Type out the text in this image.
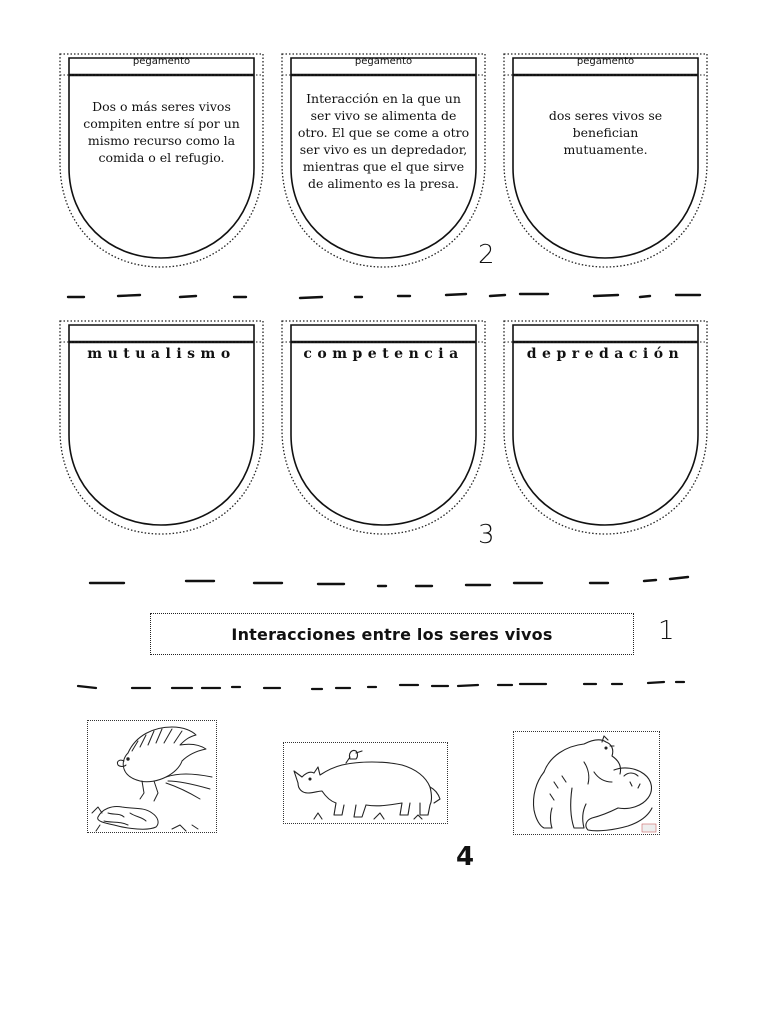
pegamento
Dos o más seres vivos compiten entre sí por un mismo recurso como la comida o el refugio.
pegamento
Interacción en la que un ser vivo se alimenta de otro. El que se come a otro ser vivo es un depredador, mientras que el que sirve de alimento es la presa.
pegamento
dos seres vivos se benefician mutuamente.
2
mutualismo	competencia	depredación
3
Interacciones entre los seres vivos	1
4
